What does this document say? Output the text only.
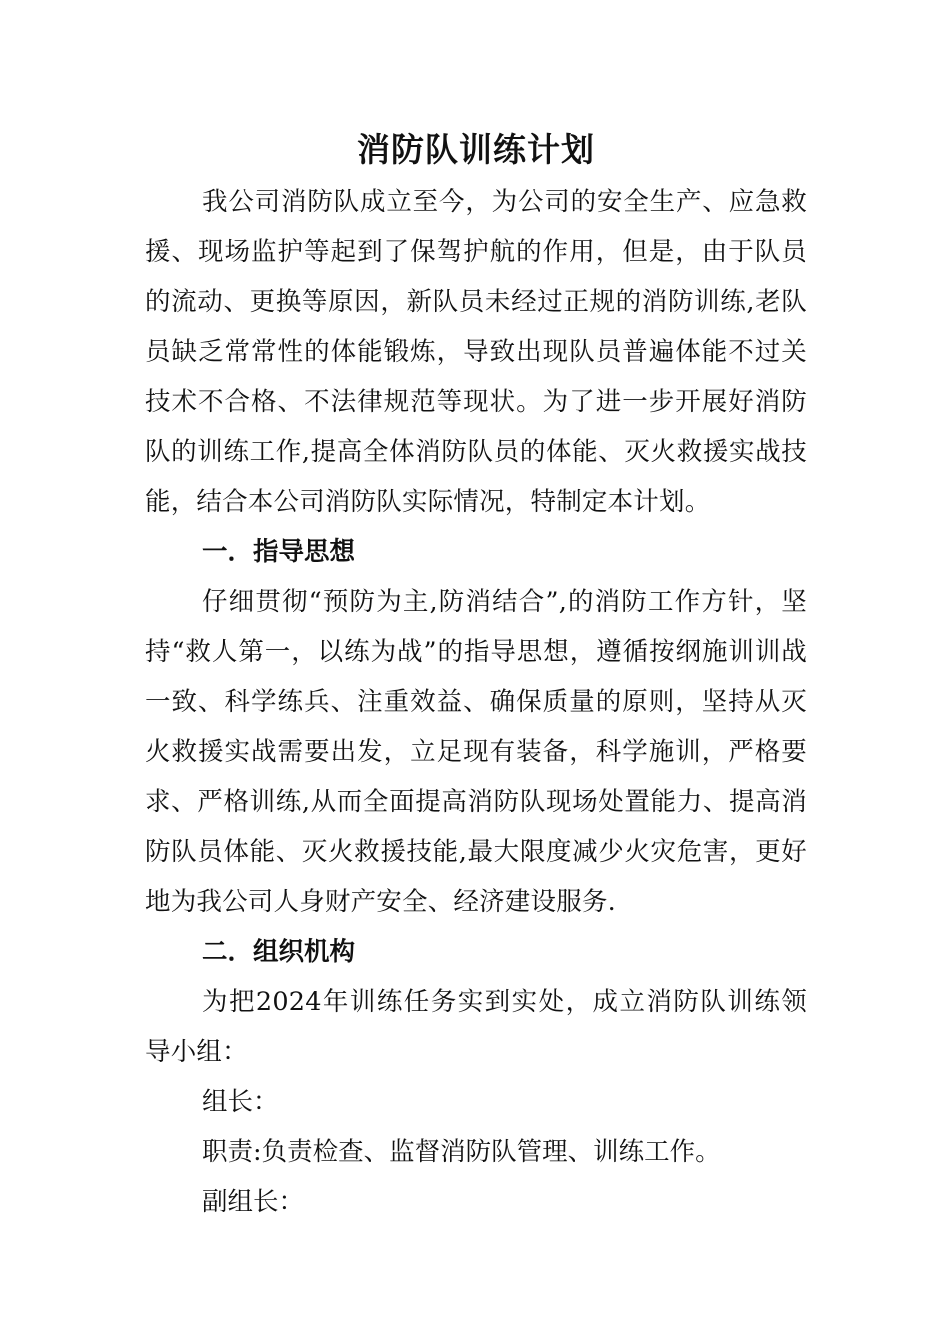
消防队训练计划

我公司消防队成立至今，为公司的安全生产、应急救援、现场监护等起到了保驾护航的作用，但是，由于队员的流动、更换等原因，新队员未经过正规的消防训练,老队员缺乏常常性的体能锻炼，导致出现队员普遍体能不过关技术不合格、不法律规范等现状。为了进一步开展好消防队的训练工作,提高全体消防队员的体能、灭火救援实战技能，结合本公司消防队实际情况，特制定本计划。

一．指导思想

仔细贯彻“预防为主,防消结合”,的消防工作方针，坚持“救人第一，以练为战”的指导思想，遵循按纲施训训战一致、科学练兵、注重效益、确保质量的原则，坚持从灭火救援实战需要出发，立足现有装备，科学施训，严格要求、严格训练,从而全面提高消防队现场处置能力、提高消防队员体能、灭火救援技能,最大限度减少火灾危害，更好地为我公司人身财产安全、经济建设服务.

二．组织机构

为把2024年训练任务实到实处，成立消防队训练领导小组：

组长：

职责:负责检查、监督消防队管理、训练工作。

副组长：
